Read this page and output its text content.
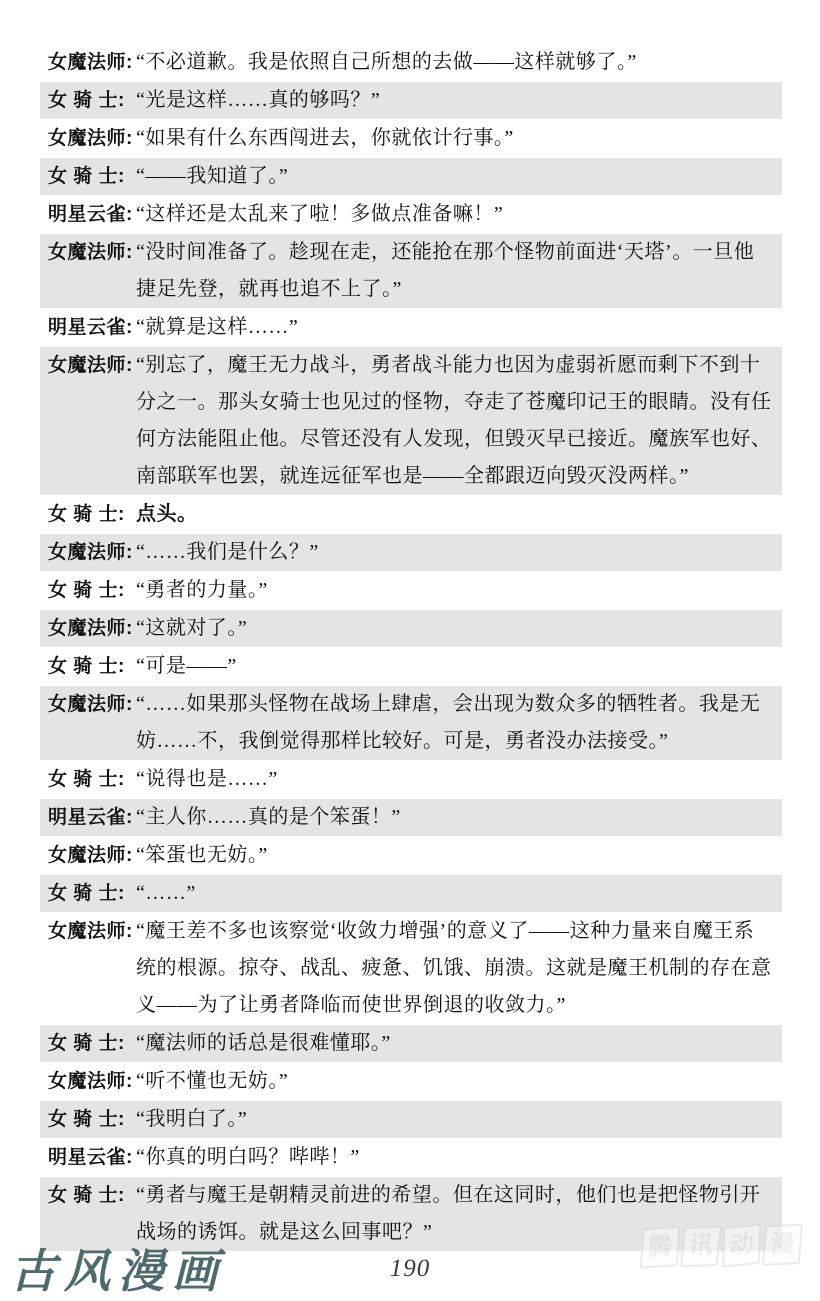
女魔法师: “不必道歉。我是依照自己所想的去做——这样就够了。”
女 骑 士: “光是这样……真的够吗？”
女魔法师: “如果有什么东西闯进去，你就依计行事。”
女 骑 士: “——我知道了。”
明星云雀: “这样还是太乱来了啦！多做点准备嘛！”
女魔法师: “没时间准备了。趁现在走，还能抢在那个怪物前面进‘天塔’。一旦他捷足先登，就再也追不上了。”
明星云雀: “就算是这样……”
女魔法师: “别忘了，魔王无力战斗，勇者战斗能力也因为虚弱祈愿而剩下不到十分之一。那头女骑士也见过的怪物，夺走了苍魔印记王的眼睛。没有任何方法能阻止他。尽管还没有人发现，但毁灭早已接近。魔族军也好、南部联军也罢，就连远征军也是——全都跟迈向毁灭没两样。”
女 骑 士: 点头。
女魔法师: “……我们是什么？”
女 骑 士: “勇者的力量。”
女魔法师: “这就对了。”
女 骑 士: “可是——”
女魔法师: “……如果那头怪物在战场上肆虐，会出现为数众多的牺牲者。我是无妨……不，我倒觉得那样比较好。可是，勇者没办法接受。”
女 骑 士: “说得也是……”
明星云雀: “主人你……真的是个笨蛋！”
女魔法师: “笨蛋也无妨。”
女 骑 士: “……”
女魔法师: “魔王差不多也该察觉‘收敛力增强’的意义了——这种力量来自魔王系统的根源。掠夺、战乱、疲惫、饥饿、崩溃。这就是魔王机制的存在意义——为了让勇者降临而使世界倒退的收敛力。”
女 骑 士: “魔法师的话总是很难懂耶。”
女魔法师: “听不懂也无妨。”
女 骑 士: “我明白了。”
明星云雀: “你真的明白吗？哔哔！”
女 骑 士: “勇者与魔王是朝精灵前进的希望。但在这同时，他们也是把怪物引开战场的诱饵。就是这么回事吧？”
古风漫画	190
腾 讯 动 漫
